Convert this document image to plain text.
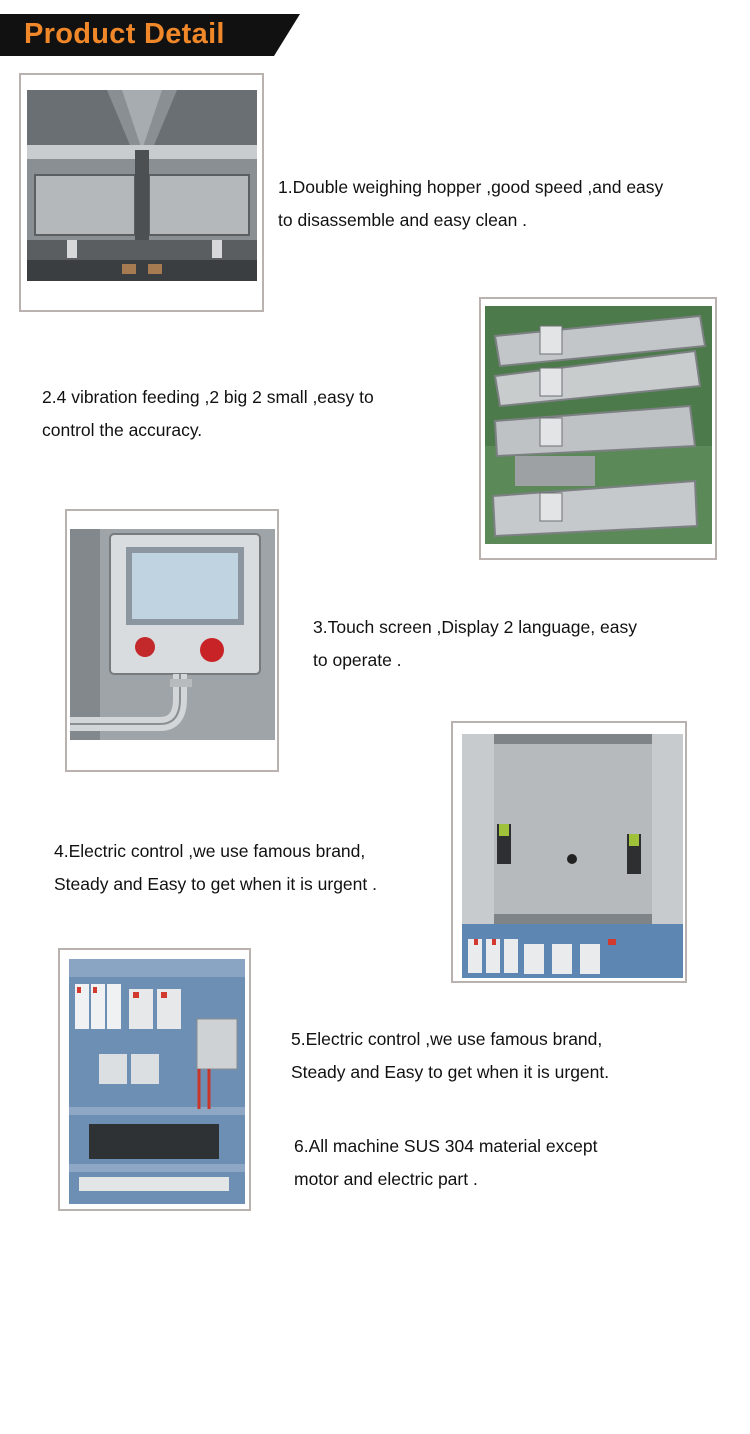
Product Detail
1.Double weighing hopper ,good speed ,and easy
to disassemble and easy clean .
2.4 vibration feeding ,2 big 2 small ,easy to
control the accuracy.
3.Touch screen ,Display 2 language, easy
to operate .
4.Electric control ,we use famous brand,
Steady and Easy to get when it is urgent .
5.Electric control ,we use famous brand,
Steady and Easy to get when it is urgent.
6.All machine SUS 304 material except
motor and electric part .
